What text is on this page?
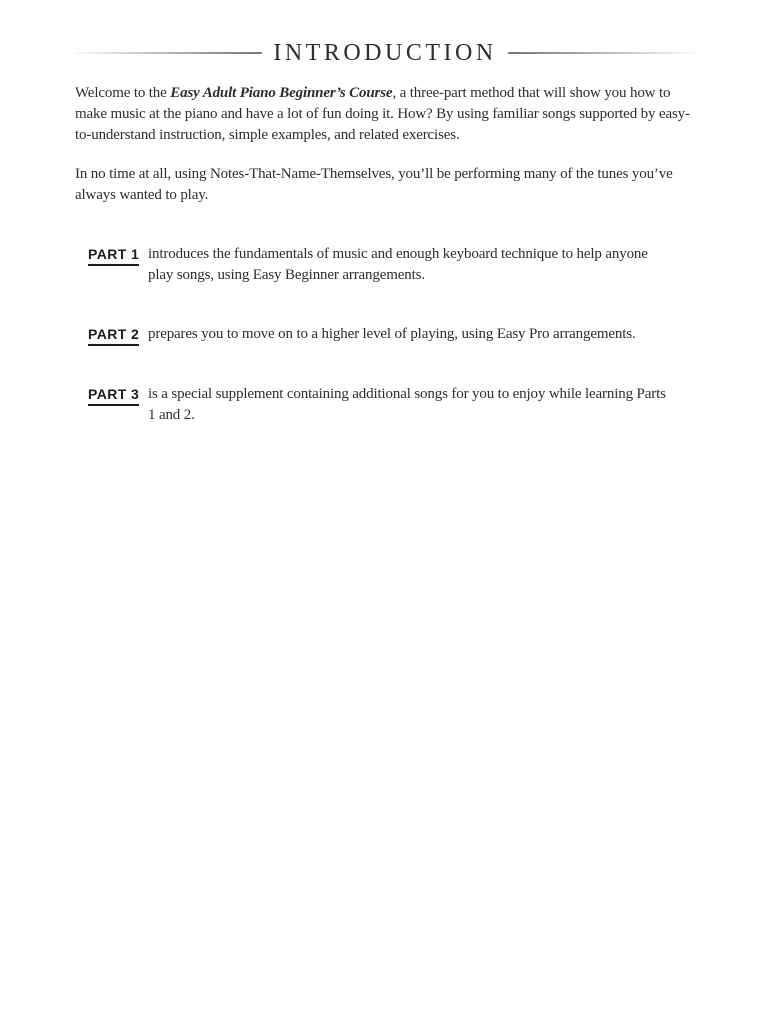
INTRODUCTION

Welcome to the Easy Adult Piano Beginner’s Course, a three-part method that will show you how to make music at the piano and have a lot of fun doing it. How? By using familiar songs supported by easy-to-understand instruction, simple examples, and related exercises.

In no time at all, using Notes-That-Name-Themselves, you’ll be performing many of the tunes you’ve always wanted to play.

PART 1 introduces the fundamentals of music and enough keyboard technique to help anyone play songs, using Easy Beginner arrangements.
PART 2 prepares you to move on to a higher level of playing, using Easy Pro arrangements.
PART 3 is a special supplement containing additional songs for you to enjoy while learning Parts 1 and 2.
